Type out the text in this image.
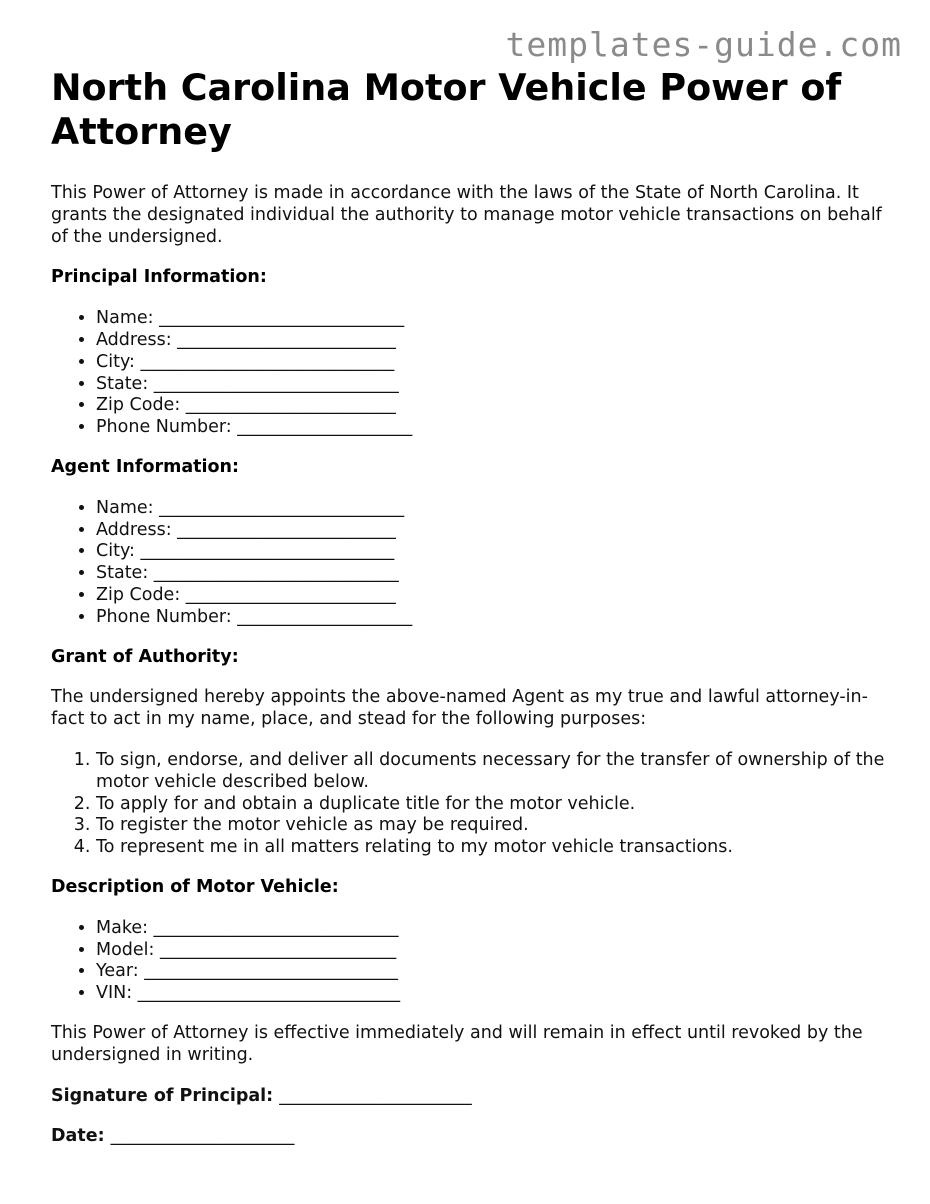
templates-guide.com
North Carolina Motor Vehicle Power of Attorney

This Power of Attorney is made in accordance with the laws of the State of North Carolina. It grants the designated individual the authority to manage motor vehicle transactions on behalf of the undersigned.

Principal Information:
• Name: ____________________________
• Address: _________________________
• City: _____________________________
• State: ____________________________
• Zip Code: ________________________
• Phone Number: ____________________
Agent Information:
• Name: ____________________________
• Address: _________________________
• City: _____________________________
• State: ____________________________
• Zip Code: ________________________
• Phone Number: ____________________
Grant of Authority:

The undersigned hereby appoints the above-named Agent as my true and lawful attorney-in-fact to act in my name, place, and stead for the following purposes:

1. To sign, endorse, and deliver all documents necessary for the transfer of ownership of the motor vehicle described below.
2. To apply for and obtain a duplicate title for the motor vehicle.
3. To register the motor vehicle as may be required.
4. To represent me in all matters relating to my motor vehicle transactions.
Description of Motor Vehicle:
• Make: ____________________________
• Model: ___________________________
• Year: _____________________________
• VIN: ______________________________

This Power of Attorney is effective immediately and will remain in effect until revoked by the undersigned in writing.

Signature of Principal: ______________________
Date: _____________________
